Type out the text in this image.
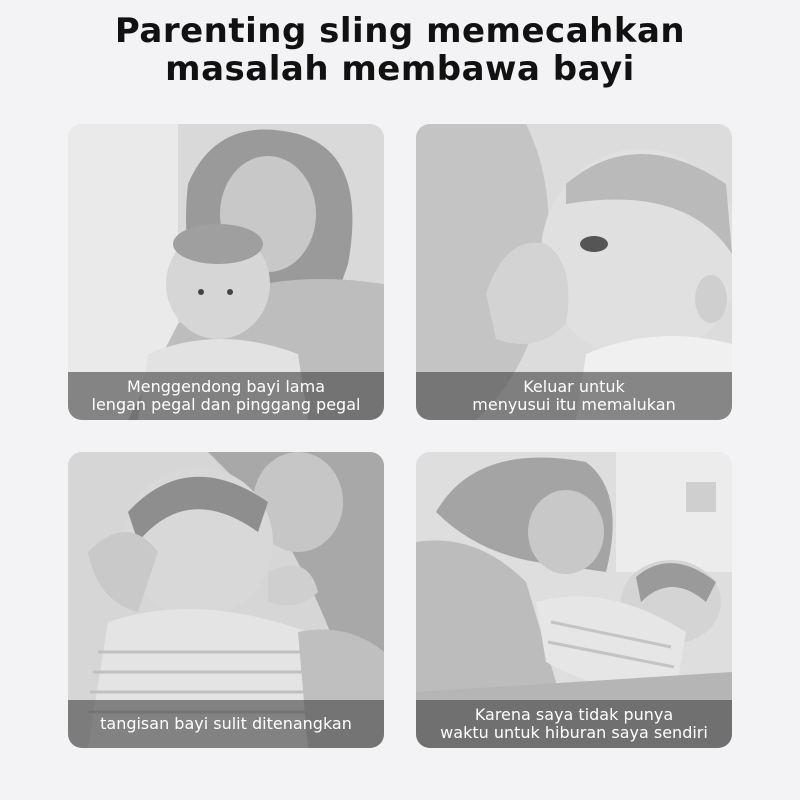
Parenting sling memecahkan
masalah membawa bayi
Menggendong bayi lama
lengan pegal dan pinggang pegal
Keluar untuk
menyusui itu memalukan
tangisan bayi sulit ditenangkan	Karena saya tidak punya
waktu untuk hiburan saya sendiri
